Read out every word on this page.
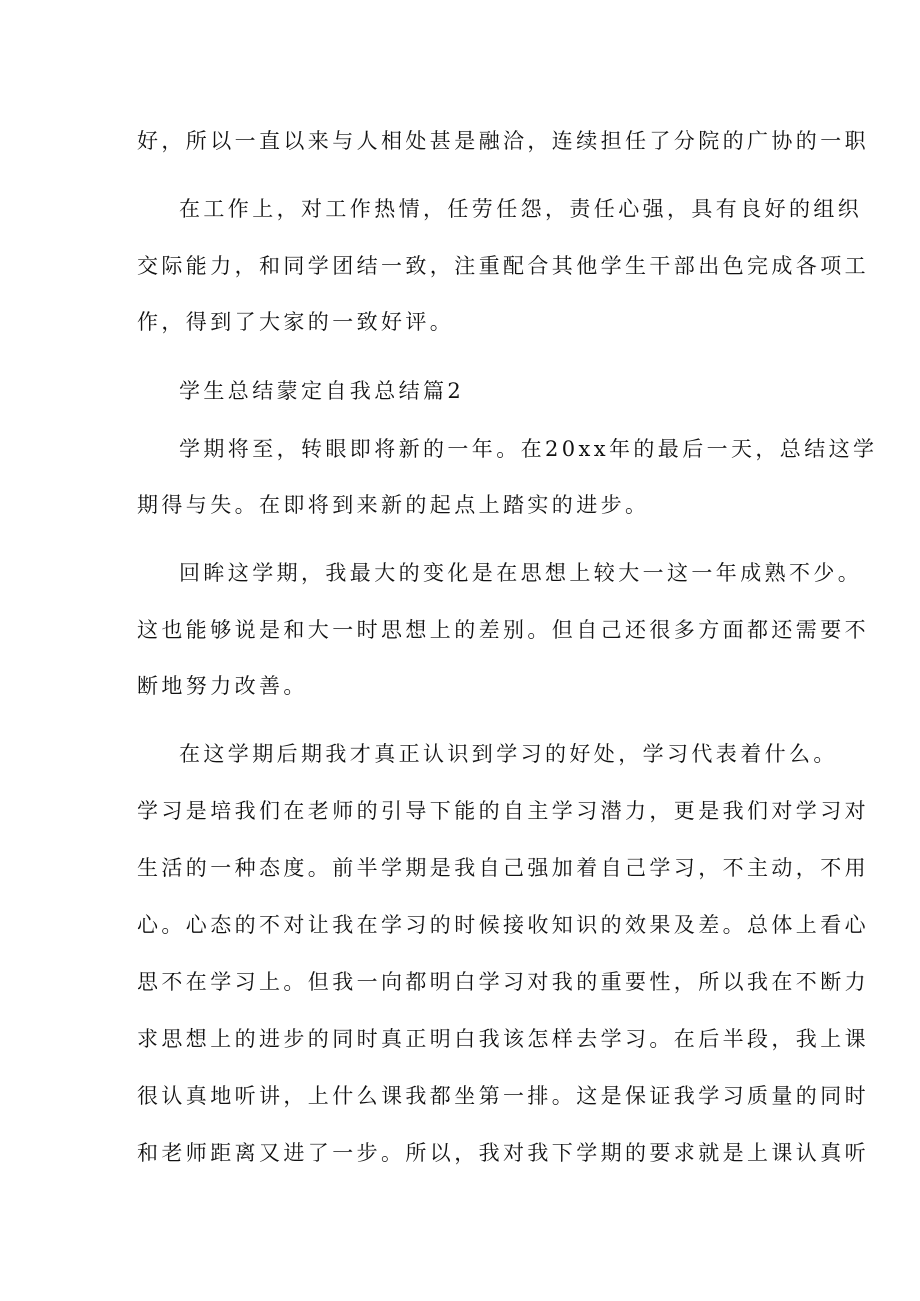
好，所以一直以来与人相处甚是融洽，连续担任了分院的广协的一职
在工作上，对工作热情，任劳任怨，责任心强，具有良好的组织
交际能力，和同学团结一致，注重配合其他学生干部出色完成各项工
作，得到了大家的一致好评。
学生总结蒙定自我总结篇2
学期将至，转眼即将新的一年。在20xx年的最后一天，总结这学
期得与失。在即将到来新的起点上踏实的进步。
回眸这学期，我最大的变化是在思想上较大一这一年成熟不少。
这也能够说是和大一时思想上的差别。但自己还很多方面都还需要不
断地努力改善。
在这学期后期我才真正认识到学习的好处，学习代表着什么。
学习是培我们在老师的引导下能的自主学习潜力，更是我们对学习对
生活的一种态度。前半学期是我自己强加着自己学习，不主动，不用
心。心态的不对让我在学习的时候接收知识的效果及差。总体上看心
思不在学习上。但我一向都明白学习对我的重要性，所以我在不断力
求思想上的进步的同时真正明白我该怎样去学习。在后半段，我上课
很认真地听讲，上什么课我都坐第一排。这是保证我学习质量的同时
和老师距离又进了一步。所以，我对我下学期的要求就是上课认真听
